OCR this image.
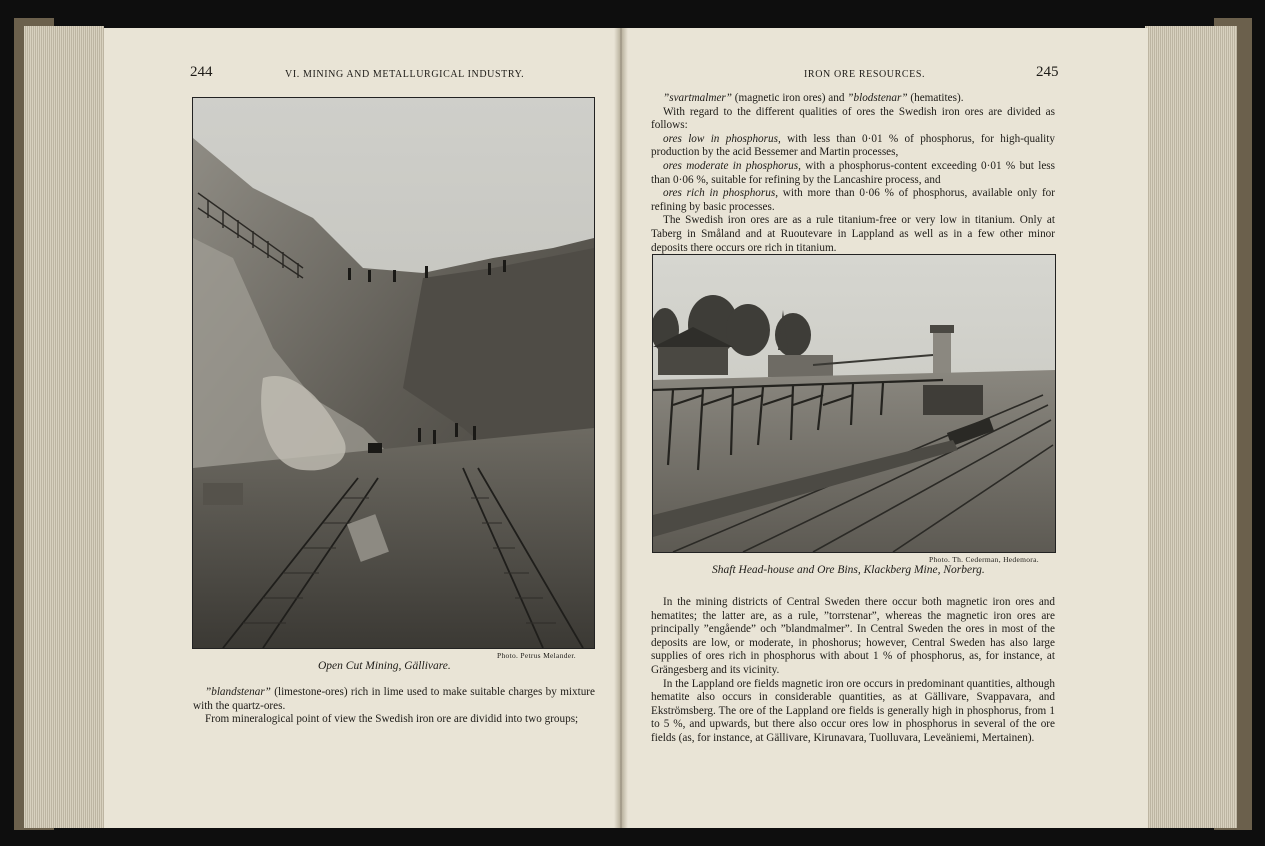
244	VI. MINING AND METALLURGICAL INDUSTRY.
Photo. Petrus Melander.
Open Cut Mining, Gällivare.

”blandstenar” (limestone-ores) rich in lime used to make suitable charges by mixture with the quartz-ores.

From mineralogical point of view the Swedish iron ore are dividid into two groups;

IRON ORE RESOURCES.	245

”svartmalmer” (magnetic iron ores) and ”blodstenar” (hematites).

With regard to the different qualities of ores the Swedish iron ores are divided as follows:

ores low in phosphorus, with less than 0·01 % of phosphorus, for high-quality production by the acid Bessemer and Martin processes,

ores moderate in phosphorus, with a phosphorus-content exceeding 0·01 % but less than 0·06 %, suitable for refining by the Lancashire process, and

ores rich in phosphorus, with more than 0·06 % of phosphorus, available only for refining by basic processes.

The Swedish iron ores are as a rule titanium-free or very low in titanium. Only at Taberg in Småland and at Ruoutevare in Lappland as well as in a few other minor deposits there occurs ore rich in titanium.

Photo. Th. Cederman, Hedemora.
Shaft Head-house and Ore Bins, Klackberg Mine, Norberg.

In the mining districts of Central Sweden there occur both magnetic iron ores and hematites; the latter are, as a rule, ”torrstenar”, whereas the magnetic iron ores are principally ”engående” och ”blandmalmer”. In Central Sweden the ores in most of the deposits are low, or moderate, in phoshorus; however, Central Sweden has also large supplies of ores rich in phosphorus with about 1 % of phosphorus, as, for instance, at Grängesberg and its vicinity.

In the Lappland ore fields magnetic iron ore occurs in predominant quantities, although hematite also occurs in considerable quantities, as at Gällivare, Svappavara, and Ekströmsberg. The ore of the Lappland ore fields is generally high in phosphorus, from 1 to 5 %, and upwards, but there also occur ores low in phosphorus in several of the ore fields (as, for instance, at Gällivare, Kirunavara, Tuolluvara, Leveäniemi, Mertainen).
